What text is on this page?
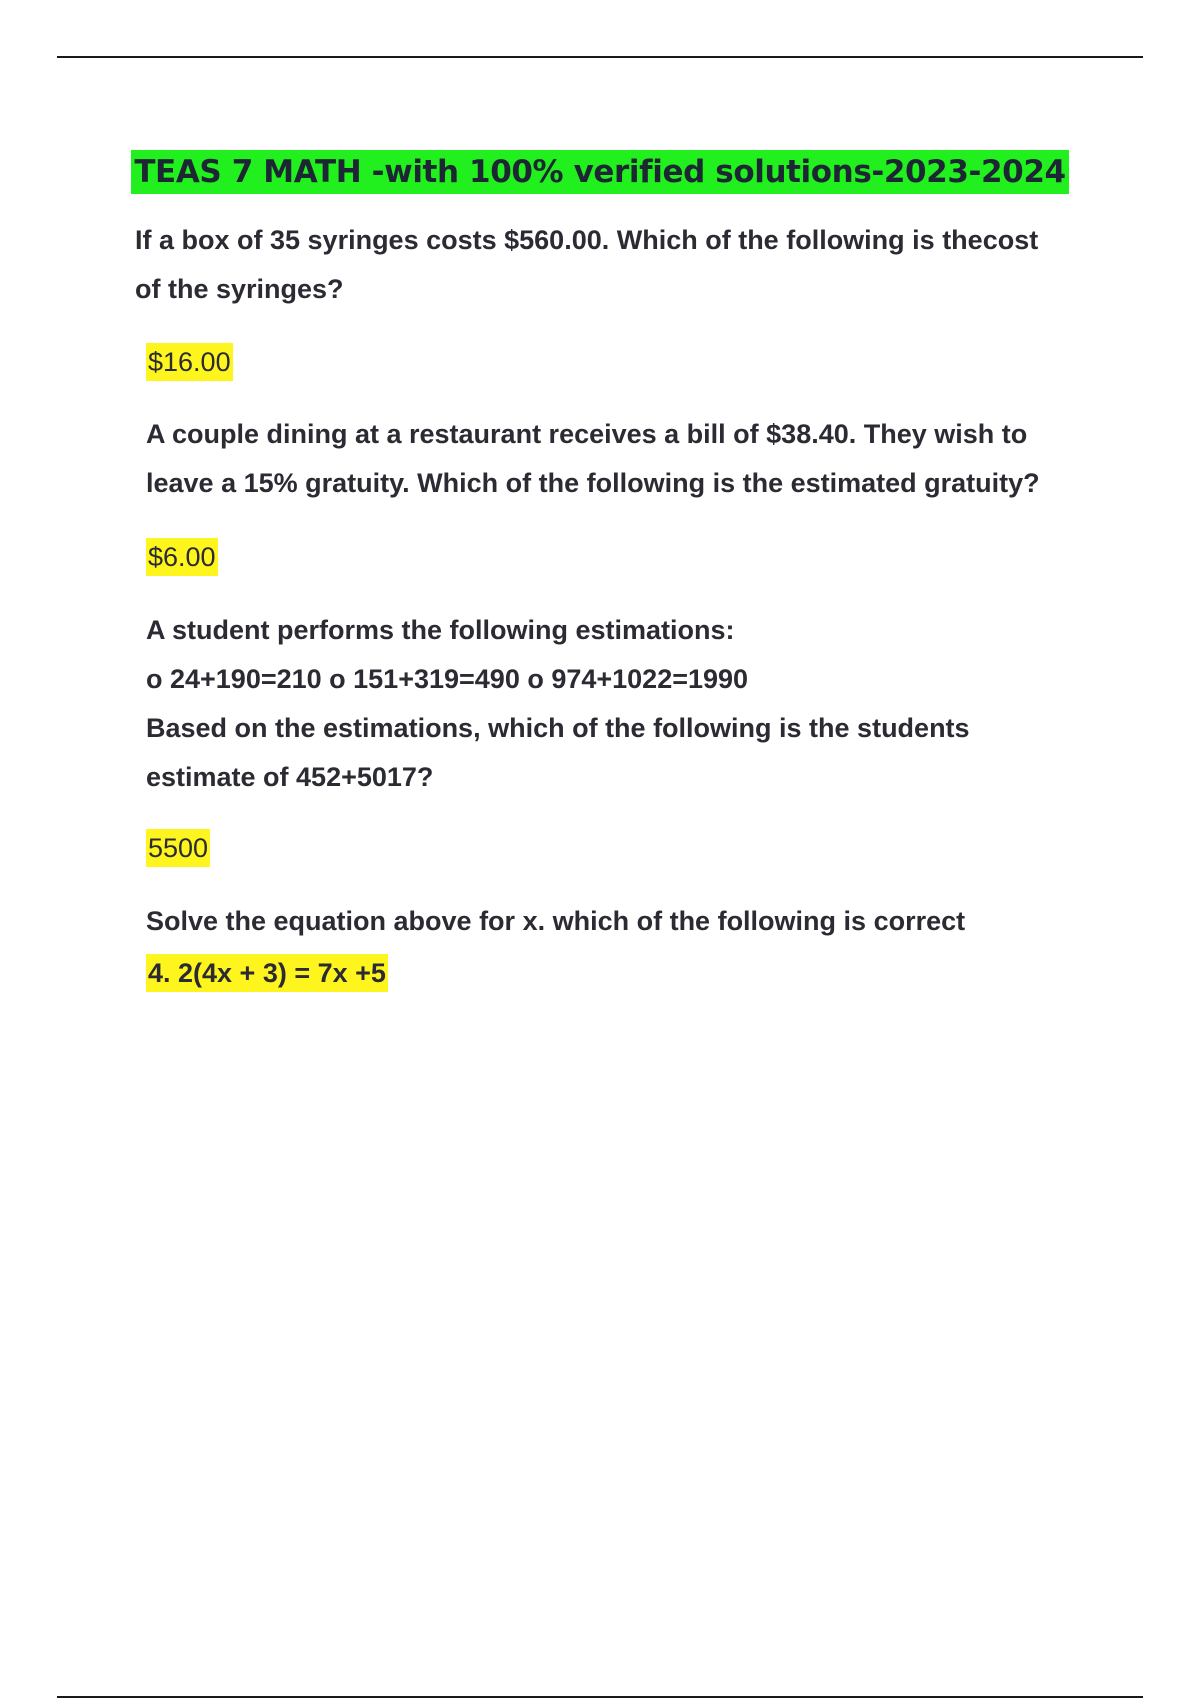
TEAS 7 MATH -with 100% verified solutions-2023-2024
If a box of 35 syringes costs $560.00. Which of the following is thecost
of the syringes?
$16.00
A couple dining at a restaurant receives a bill of $38.40. They wish to
leave a 15% gratuity. Which of the following is the estimated gratuity?
$6.00
A student performs the following estimations:
o 24+190=210 o 151+319=490 o 974+1022=1990
Based on the estimations, which of the following is the students
estimate of 452+5017?
5500
Solve the equation above for x. which of the following is correct
4. 2(4x + 3) = 7x +5
